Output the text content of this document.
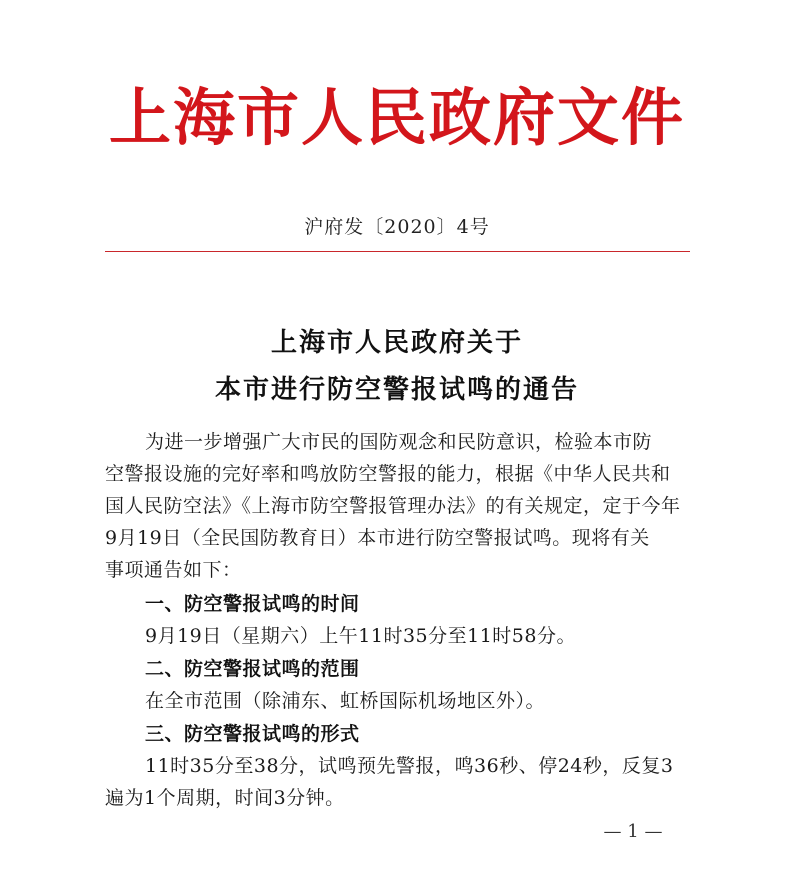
上海市人民政府文件
沪府发〔2020〕4号
上海市人民政府关于
本市进行防空警报试鸣的通告
为进一步增强广大市民的国防观念和民防意识，检验本市防
空警报设施的完好率和鸣放防空警报的能力，根据《中华人民共和
国人民防空法》《上海市防空警报管理办法》的有关规定，定于今年
9月19日（全民国防教育日）本市进行防空警报试鸣。现将有关
事项通告如下：
一、防空警报试鸣的时间
9月19日（星期六）上午11时35分至11时58分。
二、防空警报试鸣的范围
在全市范围（除浦东、虹桥国际机场地区外）。
三、防空警报试鸣的形式
11时35分至38分，试鸣预先警报，鸣36秒、停24秒，反复3
遍为1个周期，时间3分钟。
— 1 —
